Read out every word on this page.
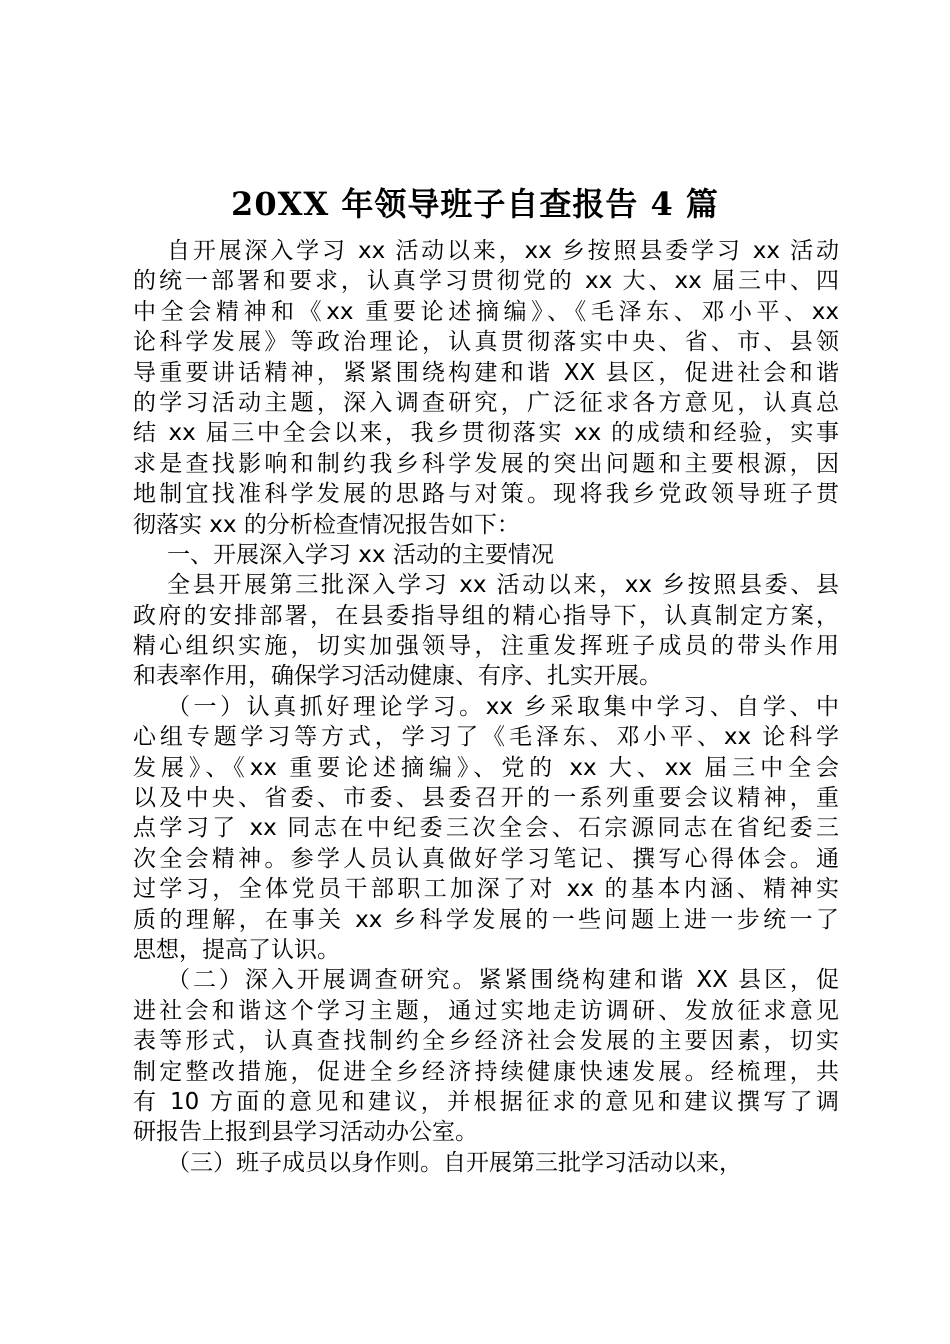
20XX 年领导班子自查报告 4 篇
自开展深入学习 xx 活动以来，xx 乡按照县委学习 xx 活动
的统一部署和要求，认真学习贯彻党的 xx 大、xx 届三中、四
中全会精神和《xx 重要论述摘编》、《毛泽东、邓小平、xx
论科学发展》等政治理论，认真贯彻落实中央、省、市、县领
导重要讲话精神，紧紧围绕构建和谐 XX 县区，促进社会和谐
的学习活动主题，深入调查研究，广泛征求各方意见，认真总
结 xx 届三中全会以来，我乡贯彻落实 xx 的成绩和经验，实事
求是查找影响和制约我乡科学发展的突出问题和主要根源，因
地制宜找准科学发展的思路与对策。现将我乡党政领导班子贯
彻落实 xx 的分析检查情况报告如下：
一、开展深入学习 xx 活动的主要情况
全县开展第三批深入学习 xx 活动以来，xx 乡按照县委、县
政府的安排部署，在县委指导组的精心指导下，认真制定方案，
精心组织实施，切实加强领导，注重发挥班子成员的带头作用
和表率作用，确保学习活动健康、有序、扎实开展。
（一）认真抓好理论学习。xx 乡采取集中学习、自学、中
心组专题学习等方式，学习了《毛泽东、邓小平、xx 论科学
发展》、《xx 重要论述摘编》、党的 xx 大、xx 届三中全会
以及中央、省委、市委、县委召开的一系列重要会议精神，重
点学习了 xx 同志在中纪委三次全会、石宗源同志在省纪委三
次全会精神。参学人员认真做好学习笔记、撰写心得体会。通
过学习，全体党员干部职工加深了对 xx 的基本内涵、精神实
质的理解，在事关 xx 乡科学发展的一些问题上进一步统一了
思想，提高了认识。
（二）深入开展调查研究。紧紧围绕构建和谐 XX 县区，促
进社会和谐这个学习主题，通过实地走访调研、发放征求意见
表等形式，认真查找制约全乡经济社会发展的主要因素，切实
制定整改措施，促进全乡经济持续健康快速发展。经梳理，共
有 10 方面的意见和建议，并根据征求的意见和建议撰写了调
研报告上报到县学习活动办公室。
（三）班子成员以身作则。自开展第三批学习活动以来，
